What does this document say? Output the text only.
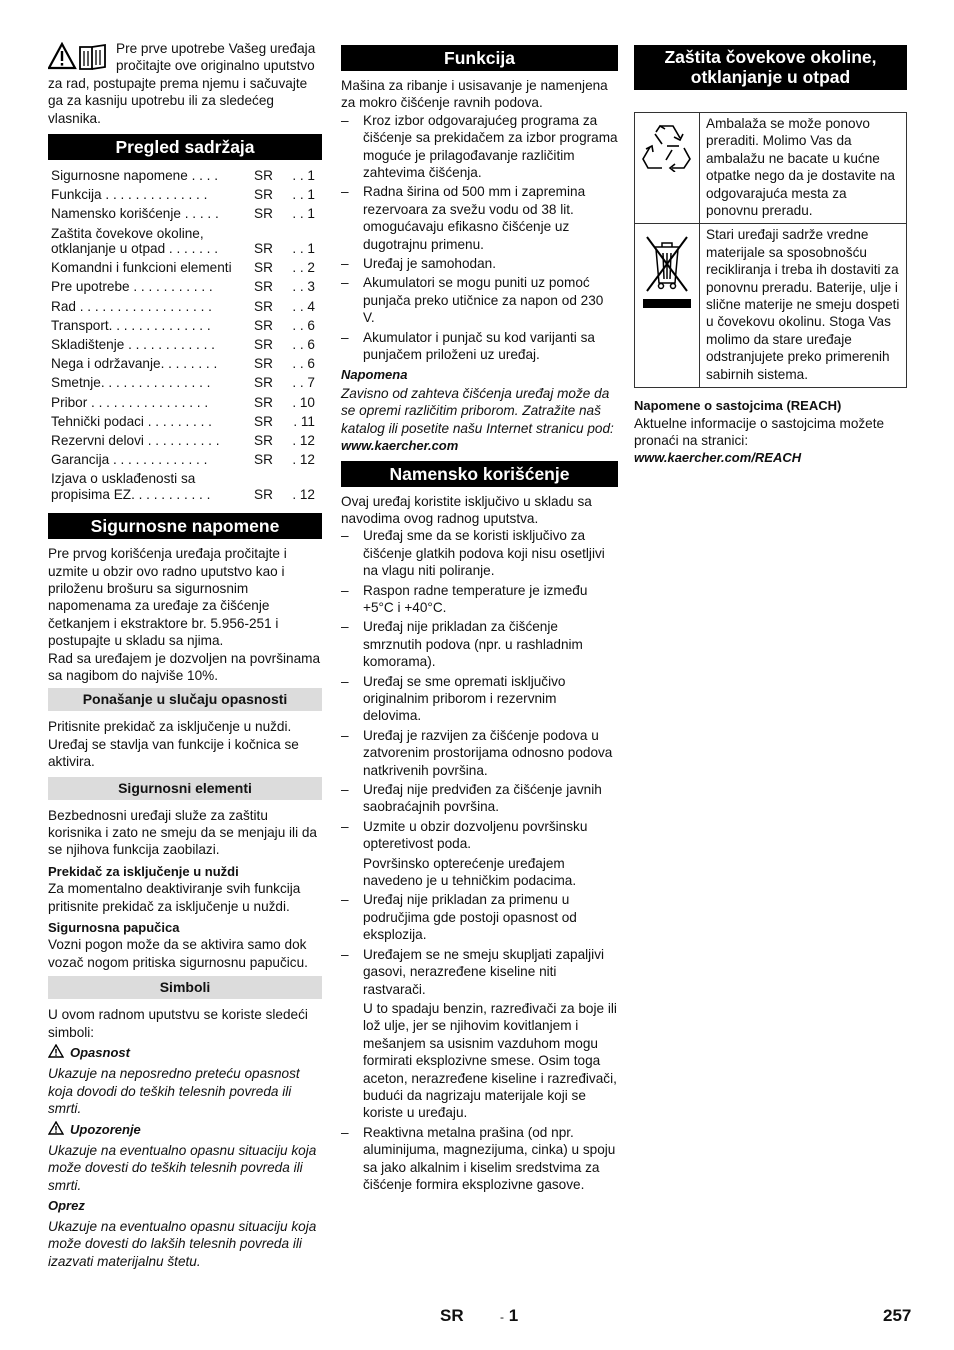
Pre prve upotrebe Vašeg uređaja pročitajte ove originalno uputstvo za rad, postupajte prema njemu i sačuvajte ga za kasniju upotrebu ili za sledećeg vlasnika.

Pregled sadržaja
Sigurnosne napomene . . . .	SR	. . 1
Funkcija . . . . . . . . . . . . . .	SR	. . 1
Namensko korišćenje . . . . .	SR	. . 1
Zaštita čovekove okoline, otklanjanje u otpad . . . . . . .	SR	. . 1
Komandni i funkcioni elementi	SR	. . 2
Pre upotrebe . . . . . . . . . . .	SR	. . 3
Rad . . . . . . . . . . . . . . . . . .	SR	. . 4
Transport. . . . . . . . . . . . . .	SR	. . 6
Skladištenje . . . . . . . . . . . .	SR	. . 6
Nega i održavanje. . . . . . . .	SR	. . 6
Smetnje. . . . . . . . . . . . . . .	SR	. . 7
Pribor . . . . . . . . . . . . . . . .	SR	. 10
Tehnički podaci . . . . . . . . .	SR	. 11
Rezervni delovi . . . . . . . . . .	SR	. 12
Garancija . . . . . . . . . . . . .	SR	. 12
Izjava o usklađenosti sa propisima EZ. . . . . . . . . . .	SR	. 12
Sigurnosne napomene

Pre prvog korišćenja uređaja pročitajte i uzmite u obzir ovo radno uputstvo kao i priloženu brošuru sa sigurnosnim napomenama za uređaje za čišćenje četkanjem i ekstraktore br. 5.956-251 i postupajte u skladu sa njima.

Rad sa uređajem je dozvoljen na površinama sa nagibom do najviše 10%.

Ponašanje u slučaju opasnosti

Pritisnite prekidač za isključenje u nuždi. Uređaj se stavlja van funkcije i kočnica se aktivira.

Sigurnosni elementi

Bezbednosni uređaji služe za zaštitu korisnika i zato ne smeju da se menjaju ili da se njihova funkcija zaobilazi.

Prekidač za isključenje u nuždi

Za momentalno deaktiviranje svih funkcija pritisnite prekidač za isključenje u nuždi.

Sigurnosna papučica

Vozni pogon može da se aktivira samo dok vozač nogom pritiska sigurnosnu papučicu.

Simboli

U ovom radnom uputstvu se koriste sledeći simboli:

Opasnost

Ukazuje na neposredno preteću opasnost koja dovodi do teških telesnih povreda ili smrti.

Upozorenje

Ukazuje na eventualno opasnu situaciju koja može dovesti do teških telesnih povreda ili smrti.

Oprez

Ukazuje na eventualno opasnu situaciju koja može dovesti do lakših telesnih povreda ili izazvati materijalnu štetu.

Funkcija

Mašina za ribanje i usisavanje je namenjena za mokro čišćenje ravnih podova.

– Kroz izbor odgovarajućeg programa za čišćenje sa prekidačem za izbor programa moguće je prilagođavanje različitim zahtevima čišćenja.
– Radna širina od 500 mm i zapremina rezervoara za svežu vodu od 38 lit. omogućavaju efikasno čišćenje uz dugotrajnu primenu.
– Uređaj je samohodan.
– Akumulatori se mogu puniti uz pomoć punjača preko utičnice za napon od 230 V.
– Akumulator i punjač su kod varijanti sa punjačem priloženi uz uređaj.

Napomena

Zavisno od zahteva čišćenja uređaj može da se opremi različitim priborom. Zatražite naš katalog ili posetite našu Internet stranicu pod:

www.kaercher.com

Namensko korišćenje

Ovaj uređaj koristite isključivo u skladu sa navodima ovog radnog uputstva.

– Uređaj sme da se koristi isključivo za čišćenje glatkih podova koji nisu osetljivi na vlagu niti poliranje.
– Raspon radne temperature je između +5°C i +40°C.
– Uređaj nije prikladan za čišćenje smrznutih podova (npr. u rashladnim komorama).
– Uređaj se sme opremati isključivo originalnim priborom i rezervnim delovima.
– Uređaj je razvijen za čišćenje podova u zatvorenim prostorijama odnosno podova natkrivenih površina.
– Uređaj nije predviđen za čišćenje javnih saobraćajnih površina.
– Uzmite u obzir dozvoljenu površinsku opteretivost poda.
Površinsko opterećenje uređajem navedeno je u tehničkim podacima.
– Uređaj nije prikladan za primenu u područjima gde postoji opasnost od eksplozija.
– Uređajem se ne smeju skupljati zapaljivi gasovi, nerazređene kiseline niti rastvarači.
U to spadaju benzin, razređivači za boje ili lož ulje, jer se njihovim kovitlanjem i mešanjem sa usisnim vazduhom mogu formirati eksplozivne smese. Osim toga aceton, nerazređene kiseline i razređivači, budući da nagrizaju materijale koji se koriste u uređaju.
– Reaktivna metalna prašina (od npr. aluminijuma, magnezijuma, cinka) u spoju sa jako alkalnim i kiselim sredstvima za čišćenje formira eksplozivne gasove.
Zaštita čovekove okoline, otklanjanje u otpad
	Ambalaža se može ponovo preraditi. Molimo Vas da ambalažu ne bacate u kućne otpatke nego da je dostavite na odgovarajuća mesta za ponovnu preradu.
	Stari uređaji sadrže vredne materijale sa sposobnošću recikliranja i treba ih dostaviti za ponovnu preradu. Baterije, ulje i slične materije ne smeju dospeti u čovekovu okolinu. Stoga Vas molimo da stare uređaje odstranjujete preko primerenih sabirnih sistema.

Napomene o sastojcima (REACH)

Aktuelne informacije o sastojcima možete pronaći na stranici:

www.kaercher.com/REACH

SR	- 1	257
